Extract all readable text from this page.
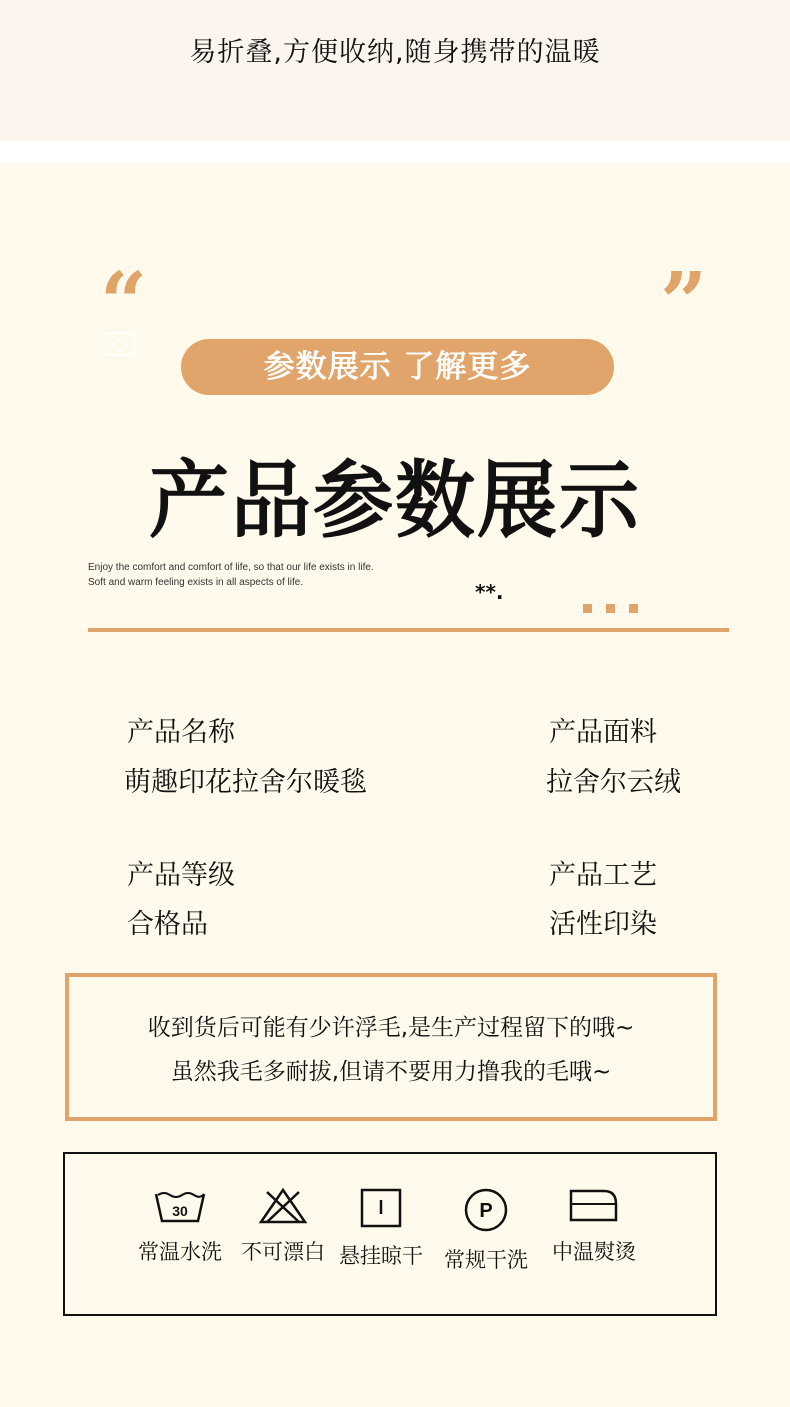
易折叠,方便收纳,随身携带的温暖
“	”
参数展示 了解更多
产品参数展示
Enjoy the comfort and comfort of life, so that our life exists in life.
Soft and warm feeling exists in all aspects of life.	**.
产品名称
萌趣印花拉舍尔暖毯
产品面料
拉舍尔云绒
产品等级
合格品
产品工艺
活性印染
收到货后可能有少许浮毛,是生产过程留下的哦~
虽然我毛多耐拔,但请不要用力撸我的毛哦~
30
常温水洗 不可漂白 悬挂晾干
P
常规干洗	中温熨烫
